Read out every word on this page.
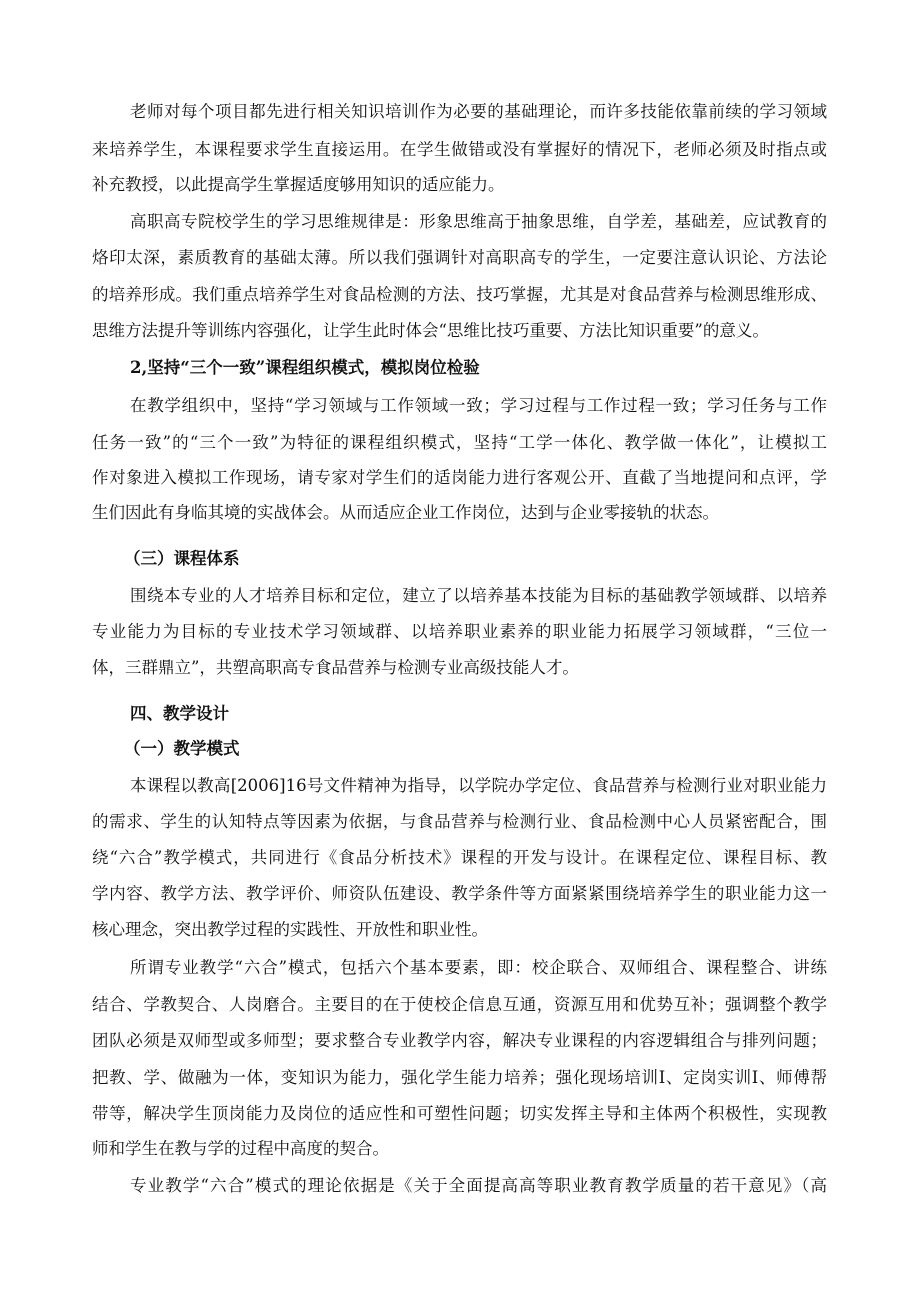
老师对每个项目都先进行相关知识培训作为必要的基础理论，而许多技能依靠前续的学习领域
来培养学生，本课程要求学生直接运用。在学生做错或没有掌握好的情况下，老师必须及时指点或
补充教授，以此提高学生掌握适度够用知识的适应能力。
高职高专院校学生的学习思维规律是：形象思维高于抽象思维，自学差，基础差，应试教育的
烙印太深，素质教育的基础太薄。所以我们强调针对高职高专的学生，一定要注意认识论、方法论
的培养形成。我们重点培养学生对食品检测的方法、技巧掌握，尤其是对食品营养与检测思维形成、
思维方法提升等训练内容强化，让学生此时体会“思维比技巧重要、方法比知识重要”的意义。
2,坚持“三个一致”课程组织模式，模拟岗位检验
在教学组织中，坚持“学习领域与工作领域一致；学习过程与工作过程一致；学习任务与工作
任务一致”的“三个一致”为特征的课程组织模式，坚持“工学一体化、教学做一体化”，让模拟工
作对象进入模拟工作现场，请专家对学生们的适岗能力进行客观公开、直截了当地提问和点评，学
生们因此有身临其境的实战体会。从而适应企业工作岗位，达到与企业零接轨的状态。
（三）课程体系
围绕本专业的人才培养目标和定位，建立了以培养基本技能为目标的基础教学领域群、以培养
专业能力为目标的专业技术学习领域群、以培养职业素养的职业能力拓展学习领域群，“三位一
体，三群鼎立”，共塑高职高专食品营养与检测专业高级技能人才。
四、教学设计
（一）教学模式
本课程以教高[2006]16号文件精神为指导，以学院办学定位、食品营养与检测行业对职业能力
的需求、学生的认知特点等因素为依据，与食品营养与检测行业、食品检测中心人员紧密配合，围
绕“六合”教学模式，共同进行《食品分析技术》课程的开发与设计。在课程定位、课程目标、教
学内容、教学方法、教学评价、师资队伍建设、教学条件等方面紧紧围绕培养学生的职业能力这一
核心理念，突出教学过程的实践性、开放性和职业性。
所谓专业教学“六合”模式，包括六个基本要素，即：校企联合、双师组合、课程整合、讲练
结合、学教契合、人岗磨合。主要目的在于使校企信息互通，资源互用和优势互补；强调整个教学
团队必须是双师型或多师型；要求整合专业教学内容，解决专业课程的内容逻辑组合与排列问题；
把教、学、做融为一体，变知识为能力，强化学生能力培养；强化现场培训Ⅰ、定岗实训Ⅰ、师傅帮
带等，解决学生顶岗能力及岗位的适应性和可塑性问题；切实发挥主导和主体两个积极性，实现教
师和学生在教与学的过程中高度的契合。
专业教学“六合”模式的理论依据是《关于全面提高高等职业教育教学质量的若干意见》（高
